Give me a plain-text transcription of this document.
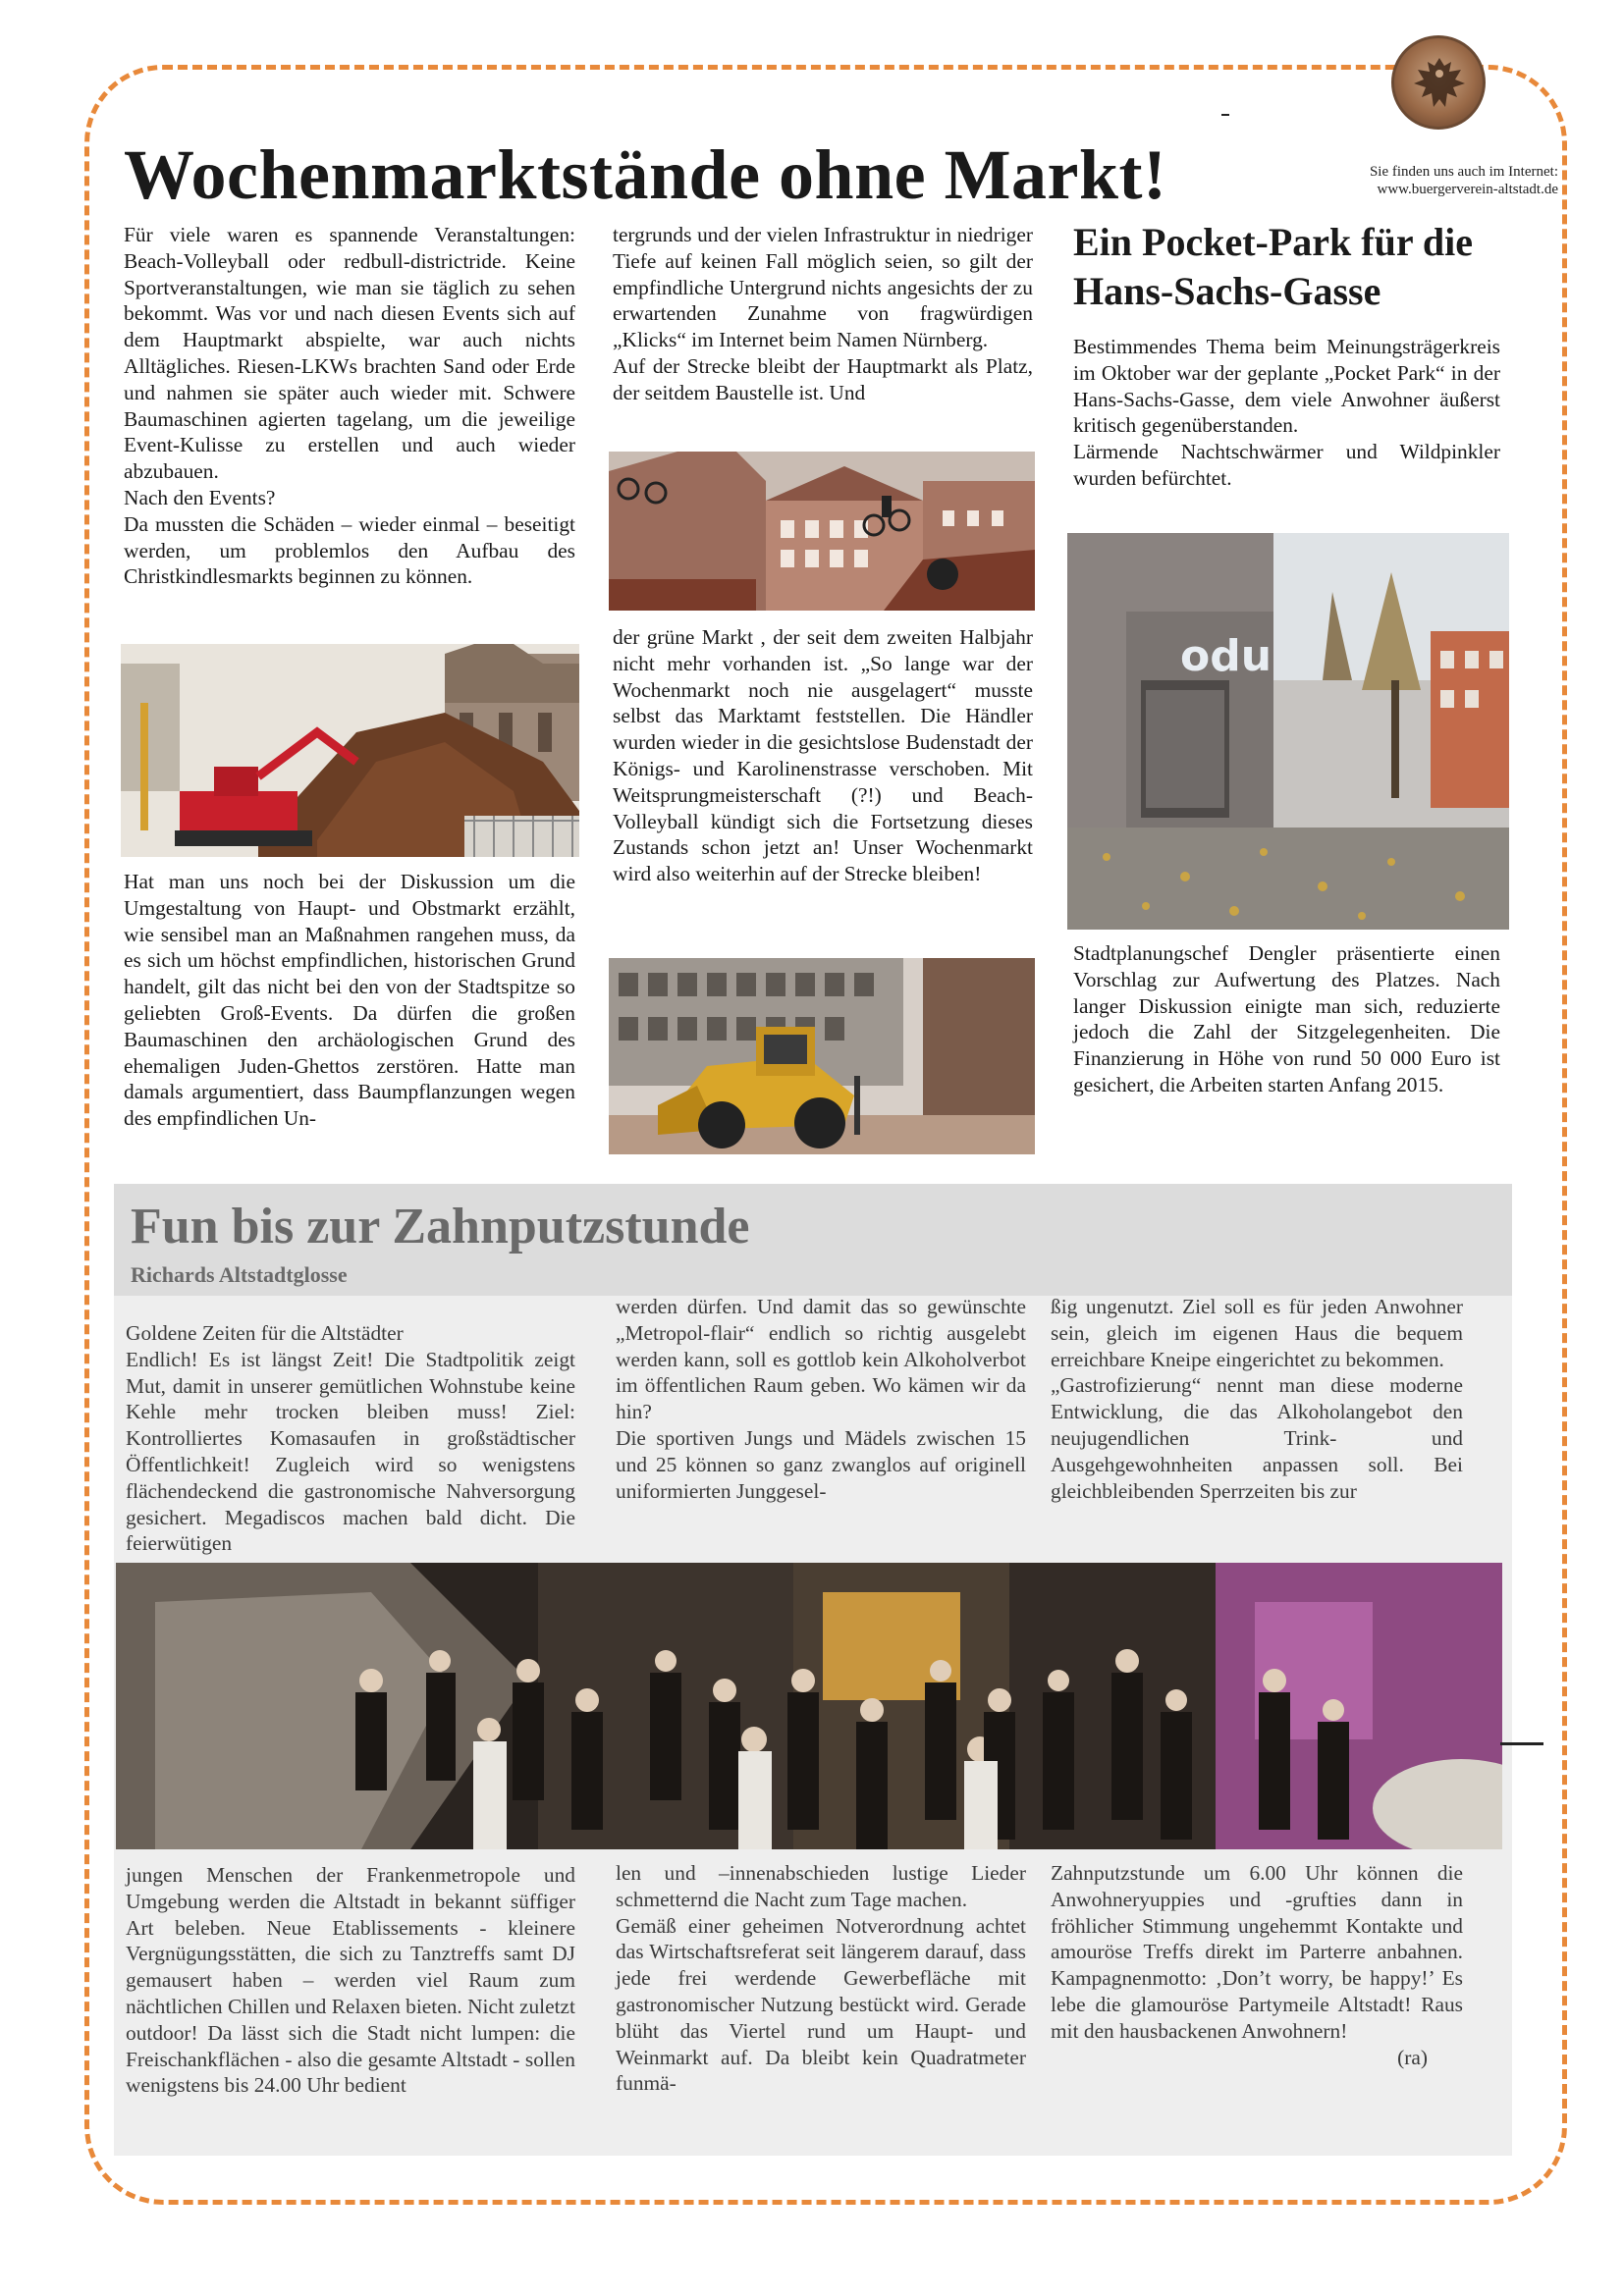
Wochenmarktstände ohne Markt!	Sie finden uns auch im Internet:
www.buergerverein-altstadt.de

Für viele waren es spannende Veranstaltungen: Beach-Volleyball oder redbull-districtride. Keine Sportveranstaltungen, wie man sie täglich zu sehen bekommt. Was vor und nach diesen Events sich auf dem Hauptmarkt abspielte, war auch nichts Alltägliches. Riesen-LKWs brachten Sand oder Erde und nahmen sie später auch wieder mit. Schwere Baumaschinen agierten tagelang, um die jeweilige Event-Kulisse zu erstellen und auch wieder abzubauen.

Nach den Events?

Da mussten die Schäden – wieder einmal – beseitigt werden, um problemlos den Aufbau des Christkindlesmarkts beginnen zu können.

Hat man uns noch bei der Diskussion um die Umgestaltung von Haupt- und Obstmarkt erzählt, wie sensibel man an Maßnahmen rangehen muss, da es sich um höchst empfindlichen, historischen Grund handelt, gilt das nicht bei den von der Stadtspitze so geliebten Groß-Events. Da dürfen die großen Baumaschinen den archäologischen Grund des ehemaligen Juden-Ghettos zerstören. Hatte man damals argumentiert, dass Baumpflanzungen wegen des empfindlichen Un-

tergrunds und der vielen Infrastruktur in niedriger Tiefe auf keinen Fall möglich seien, so gilt der empfindliche Untergrund nichts angesichts der zu erwartenden Zunahme von fragwürdigen „Klicks“ im Internet beim Namen Nürnberg.

Auf der Strecke bleibt der Hauptmarkt als Platz, der seitdem Baustelle ist. Und

der grüne Markt , der seit dem zweiten Halbjahr nicht mehr vorhanden ist. „So lange war der Wochenmarkt noch nie ausgelagert“ musste selbst das Marktamt feststellen. Die Händler wurden wieder in die gesichtslose Budenstadt der Königs- und Karolinenstrasse verschoben. Mit Weitsprungmeisterschaft (?!) und Beach-Volleyball kündigt sich die Fortsetzung dieses Zustands schon jetzt an! Unser Wochenmarkt wird also weiterhin auf der Strecke bleiben!

Ein Pocket-Park für die Hans-Sachs-Gasse

Bestimmendes Thema beim Meinungsträgerkreis im Oktober war der geplante „Pocket Park“ in der Hans-Sachs-Gasse, dem viele Anwohner äußerst kritisch gegenüberstanden.

Lärmende Nachtschwärmer und Wildpinkler wurden befürchtet.

odu

Stadtplanungschef Dengler präsentierte einen Vorschlag zur Aufwertung des Platzes. Nach langer Diskussion einigte man sich, reduzierte jedoch die Zahl der Sitzgelegenheiten. Die Finanzierung in Höhe von rund 50 000 Euro ist gesichert, die Arbeiten starten Anfang 2015.

Fun bis zur Zahnputzstunde
Richards Altstadtglosse

Goldene Zeiten für die Altstädter

Endlich! Es ist längst Zeit! Die Stadtpolitik zeigt Mut, damit in unserer gemütlichen Wohnstube keine Kehle mehr trocken bleiben muss! Ziel: Kontrolliertes Komasaufen in großstädtischer Öffentlichkeit! Zugleich wird so wenigstens flächendeckend die gastronomische Nahversorgung gesichert. Megadiscos machen bald dicht. Die feierwütigen

werden dürfen. Und damit das so gewünschte „Metropol-flair“ endlich so richtig ausgelebt werden kann, soll es gottlob kein Alkoholverbot im öffentlichen Raum geben. Wo kämen wir da hin?

Die sportiven Jungs und Mädels zwischen 15 und 25 können so ganz zwanglos auf originell uniformierten Junggesel-

ßig ungenutzt. Ziel soll es für jeden Anwohner sein, gleich im eigenen Haus die bequem erreichbare Kneipe eingerichtet zu bekommen.

„Gastrofizierung“ nennt man diese moderne Entwicklung, die das Alkoholangebot den neujugendlichen Trink- und Ausgehgewohnheiten anpassen soll. Bei gleichbleibenden Sperrzeiten bis zur

jungen Menschen der Frankenmetropole und Umgebung werden die Altstadt in bekannt süffiger Art beleben. Neue Etablissements - kleinere Vergnügungsstätten, die sich zu Tanztreffs samt DJ gemausert haben – werden viel Raum zum nächtlichen Chillen und Relaxen bieten. Nicht zuletzt outdoor! Da lässt sich die Stadt nicht lumpen: die Freischankflächen - also die gesamte Altstadt - sollen wenigstens bis 24.00 Uhr bedient

len und –innenabschieden lustige Lieder schmetternd die Nacht zum Tage machen.

Gemäß einer geheimen Notverordnung achtet das Wirtschaftsreferat seit längerem darauf, dass jede frei werdende Gewerbefläche mit gastronomischer Nutzung bestückt wird. Gerade blüht das Viertel rund um Haupt- und Weinmarkt auf. Da bleibt kein Quadratmeter funmä-

Zahnputzstunde um 6.00 Uhr können die Anwohneryuppies und -grufties dann in fröhlicher Stimmung ungehemmt Kontakte und amouröse Treffs direkt im Parterre anbahnen. Kampagnenmotto: ‚Don’t worry, be happy!’ Es lebe die glamouröse Partymeile Altstadt! Raus mit den hausbackenen Anwohnern!

(ra)
